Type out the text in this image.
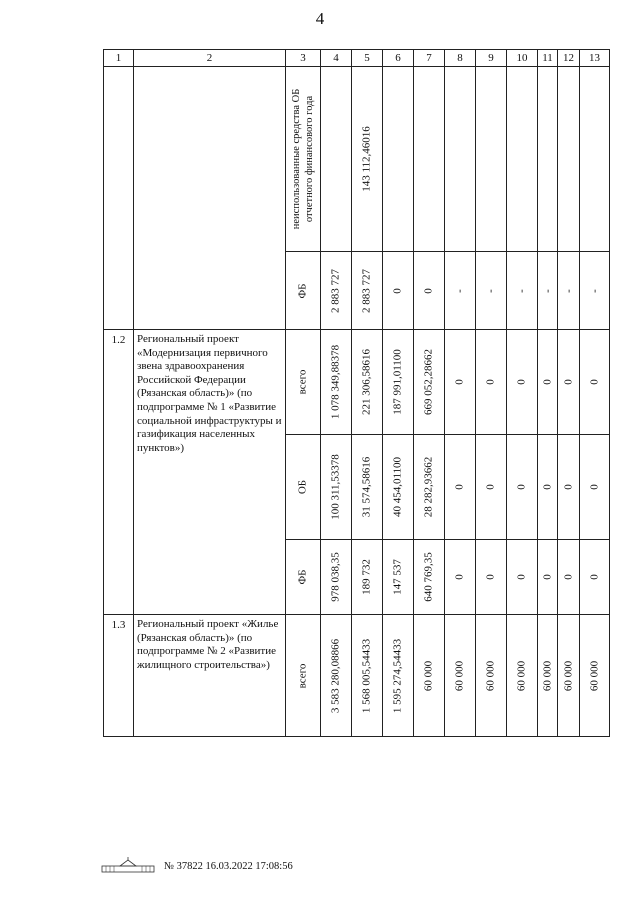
4
1	2	3	4	5	6	7	8	9	10	11	12	13

		неиспользованные средства ОБ
отчетного финансового года		143 112,46016								

		ФБ	2 883 727	2 883 727	0	0	-	-	-	-	-	-

1.2	Региональный проект «Модернизация первичного звена здравоохранения Российской Федерации (Рязанская область)» (по подпрограмме № 1 «Развитие социальной инфраструктуры и газификация населенных пунктов»)	всего	1 078 349,88378	221 306,58616	187 991,01100	669 052,28662	0	0	0	0	0	0

		ОБ	100 311,53378	31 574,58616	40 454,01100	28 282,93662	0	0	0	0	0	0

		ФБ	978 038,35	189 732	147 537	640 769,35	0	0	0	0	0	0

1.3	Региональный проект «Жилье (Рязанская область)» (по подпрограмме № 2 «Развитие жилищного строительства»)	всего	3 583 280,08866	1 568 005,54433	1 595 274,54433	60 000	60 000	60 000	60 000	60 000	60 000	60 000
№ 37822 16.03.2022 17:08:56
